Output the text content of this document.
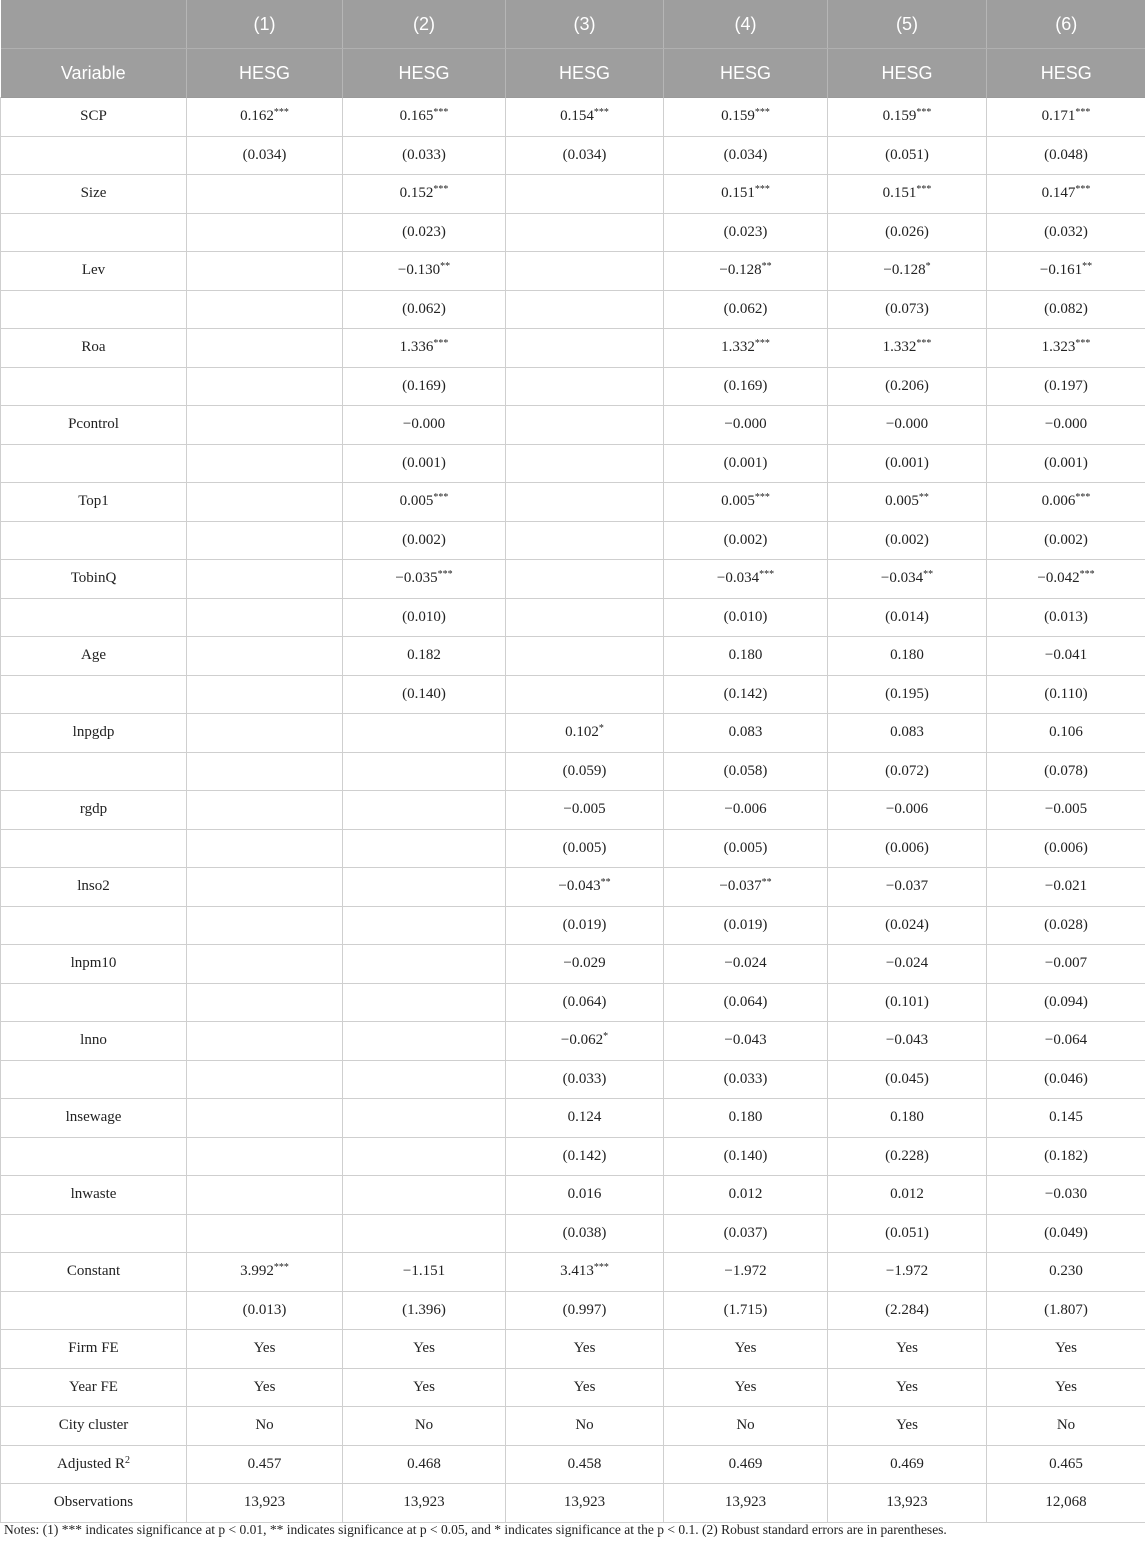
	(1)	(2)	(3)	(4)	(5)	(6)
Variable	HESG	HESG	HESG	HESG	HESG	HESG
SCP	0.162***	0.165***	0.154***	0.159***	0.159***	0.171***
	(0.034)	(0.033)	(0.034)	(0.034)	(0.051)	(0.048)
Size		0.152***		0.151***	0.151***	0.147***
		(0.023)		(0.023)	(0.026)	(0.032)
Lev		−0.130**		−0.128**	−0.128*	−0.161**
		(0.062)		(0.062)	(0.073)	(0.082)
Roa		1.336***		1.332***	1.332***	1.323***
		(0.169)		(0.169)	(0.206)	(0.197)
Pcontrol		−0.000		−0.000	−0.000	−0.000
		(0.001)		(0.001)	(0.001)	(0.001)
Top1		0.005***		0.005***	0.005**	0.006***
		(0.002)		(0.002)	(0.002)	(0.002)
TobinQ		−0.035***		−0.034***	−0.034**	−0.042***
		(0.010)		(0.010)	(0.014)	(0.013)
Age		0.182		0.180	0.180	−0.041
		(0.140)		(0.142)	(0.195)	(0.110)
lnpgdp			0.102*	0.083	0.083	0.106
			(0.059)	(0.058)	(0.072)	(0.078)
rgdp			−0.005	−0.006	−0.006	−0.005
			(0.005)	(0.005)	(0.006)	(0.006)
lnso2			−0.043**	−0.037**	−0.037	−0.021
			(0.019)	(0.019)	(0.024)	(0.028)
lnpm10			−0.029	−0.024	−0.024	−0.007
			(0.064)	(0.064)	(0.101)	(0.094)
lnno			−0.062*	−0.043	−0.043	−0.064
			(0.033)	(0.033)	(0.045)	(0.046)
lnsewage			0.124	0.180	0.180	0.145
			(0.142)	(0.140)	(0.228)	(0.182)
lnwaste			0.016	0.012	0.012	−0.030
			(0.038)	(0.037)	(0.051)	(0.049)
Constant	3.992***	−1.151	3.413***	−1.972	−1.972	0.230
	(0.013)	(1.396)	(0.997)	(1.715)	(2.284)	(1.807)
Firm FE	Yes	Yes	Yes	Yes	Yes	Yes
Year FE	Yes	Yes	Yes	Yes	Yes	Yes
City cluster	No	No	No	No	Yes	No
Adjusted $R^2$	0.457	0.468	0.458	0.469	0.469	0.465
Observations	13,923	13,923	13,923	13,923	13,923	12,068
Notes: (1) *** indicates significance at p < 0.01, ** indicates significance at p < 0.05, and * indicates significance at the p < 0.1. (2) Robust standard errors are in parentheses.
